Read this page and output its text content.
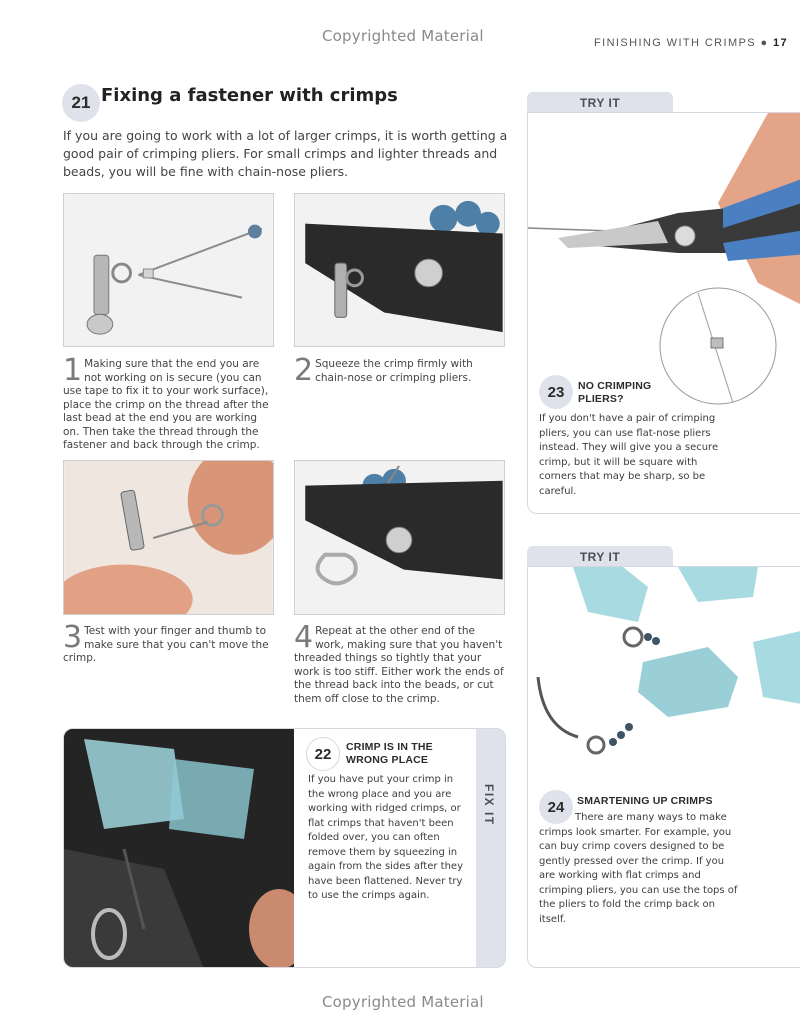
Copyrighted Material	FINISHING WITH CRIMPS ● 17
Copyrighted Material
21 Fixing a fastener with crimps
If you are going to work with a lot of larger crimps, it is worth getting a good pair of crimping pliers. For small crimps and lighter threads and beads, you will be fine with chain-nose pliers.
1 Making sure that the end you are not working on is secure (you can use tape to fix it to your work surface), place the crimp on the thread after the last bead at the end you are working on. Then take the thread through the fastener and back through the crimp.
2 Squeeze the crimp firmly with chain-nose or crimping pliers.
3 Test with your finger and thumb to make sure that you can't move the crimp.
4 Repeat at the other end of the work, making sure that you haven't threaded things so tightly that your work is too stiff. Either work the ends of the thread back into the beads, or cut them off close to the crimp.
22	CRIMP IS IN THE
WRONG PLACE
If you have put your crimp in the wrong place and you are working with ridged crimps, or flat crimps that haven't been folded over, you can often remove them by squeezing in again from the sides after they have been flattened. Never try to use the crimps again.
FIX IT
TRY IT
23	NO CRIMPING
PLIERS?
If you don't have a pair of crimping pliers, you can use flat-nose pliers instead. They will give you a secure crimp, but it will be square with corners that may be sharp, so be careful.
TRY IT
24	SMARTENING UP CRIMPS
There are many ways to make crimps look smarter. For example, you can buy crimp covers designed to be gently pressed over the crimp. If you are working with flat crimps and crimping pliers, you can use the tops of the pliers to fold the crimp back on itself.
